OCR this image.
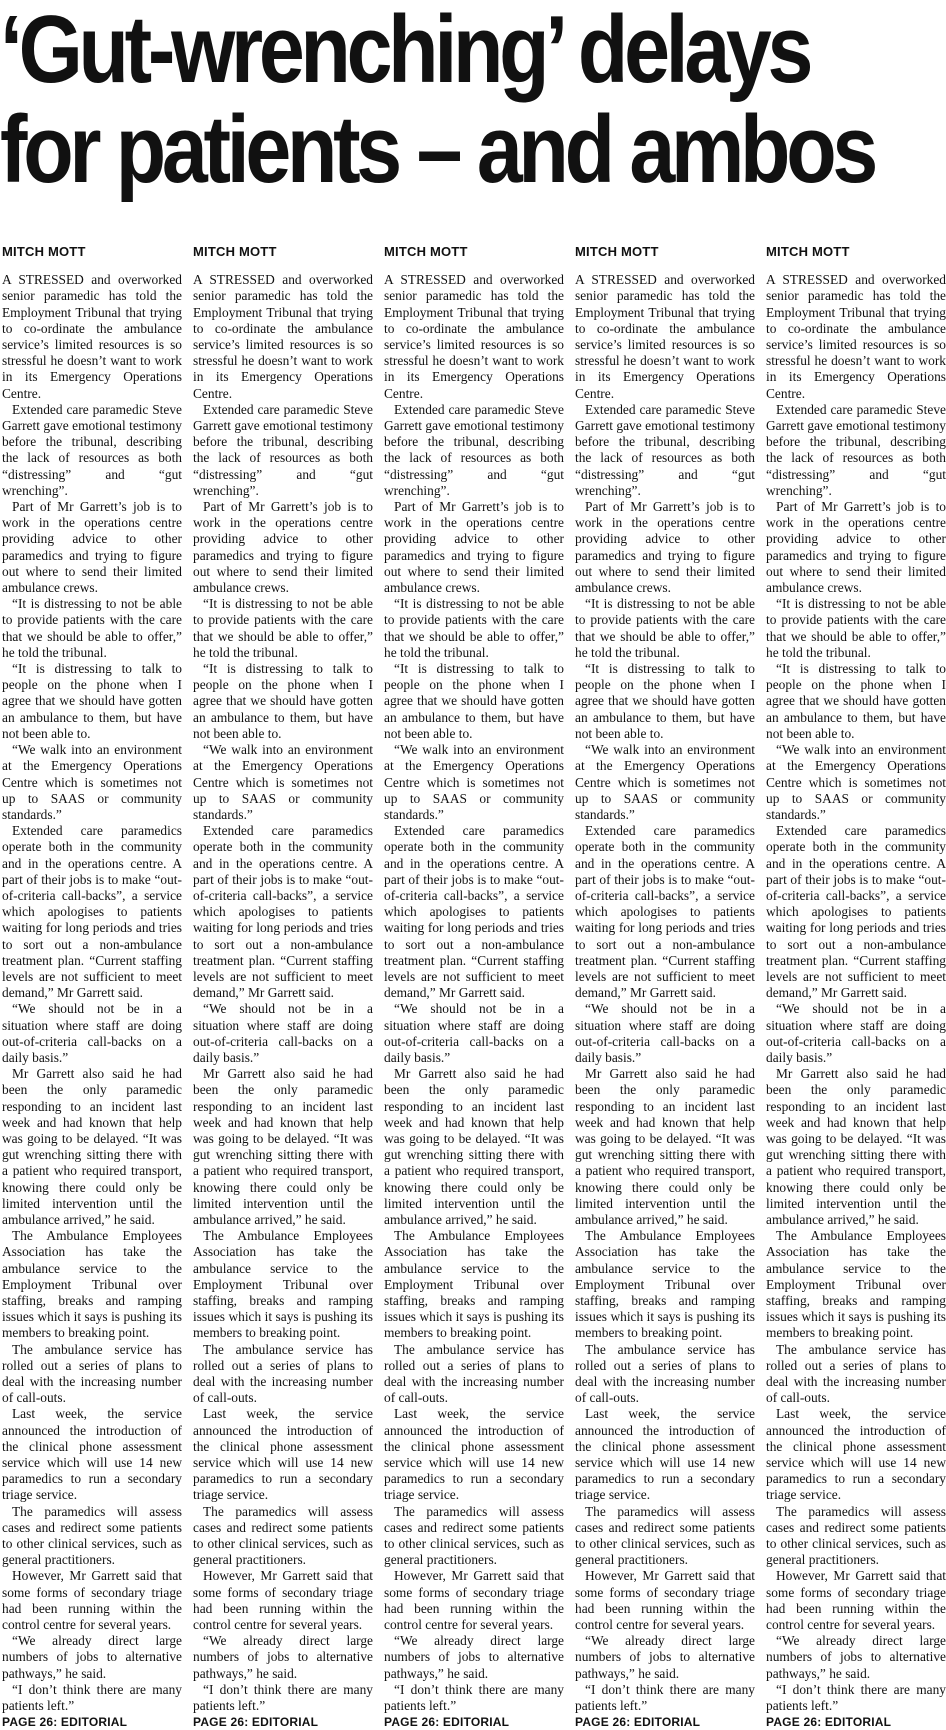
‘Gut-wrenching’ delays
for patients – and ambos
MITCH MOTT

A STRESSED and overworked senior paramedic has told the Employment Tribunal that trying to co-ordinate the ambulance service’s limited resources is so stressful he doesn’t want to work in its Emergency Operations Centre.

Extended care paramedic Steve Garrett gave emotional testimony before the tribunal, describing the lack of resources as both “distressing” and “gut wrenching”.

Part of Mr Garrett’s job is to work in the operations centre providing advice to other paramedics and trying to figure out where to send their limited ambulance crews.

“It is distressing to not be able to provide patients with the care that we should be able to offer,” he told the tribunal.

“It is distressing to talk to people on the phone when I agree that we should have gotten an ambulance to them, but have not been able to.

“We walk into an environment at the Emergency Operations Centre which is sometimes not up to SAAS or community standards.”

Extended care paramedics operate both in the community and in the operations centre. A part of their jobs is to make “out-of-criteria call-backs”, a service which apologises to patients waiting for long periods and tries to sort out a non-ambulance treatment plan. “Current staffing levels are not sufficient to meet demand,” Mr Garrett said.

“We should not be in a situation where staff are doing out-of-criteria call-backs on a daily basis.”

Mr Garrett also said he had been the only paramedic responding to an incident last week and had known that help was going to be delayed. “It was gut wrenching sitting there with a patient who required transport, knowing there could only be limited intervention until the ambulance arrived,” he said.

The Ambulance Employees Association has take the ambulance service to the Employment Tribunal over staffing, breaks and ramping issues which it says is pushing its members to breaking point.

The ambulance service has rolled out a series of plans to deal with the increasing number of call-outs.

Last week, the service announced the introduction of the clinical phone assessment service which will use 14 new paramedics to run a secondary triage service.

The paramedics will assess cases and redirect some patients to other clinical services, such as general practitioners.

However, Mr Garrett said that some forms of secondary triage had been running within the control centre for several years.

“We already direct large numbers of jobs to alternative pathways,” he said.

“I don’t think there are many patients left.”

PAGE 26: EDITORIAL
MITCH MOTT

A STRESSED and overworked senior paramedic has told the Employment Tribunal that trying to co-ordinate the ambulance service’s limited resources is so stressful he doesn’t want to work in its Emergency Operations Centre.

Extended care paramedic Steve Garrett gave emotional testimony before the tribunal, describing the lack of resources as both “distressing” and “gut wrenching”.

Part of Mr Garrett’s job is to work in the operations centre providing advice to other paramedics and trying to figure out where to send their limited ambulance crews.

“It is distressing to not be able to provide patients with the care that we should be able to offer,” he told the tribunal.

“It is distressing to talk to people on the phone when I agree that we should have gotten an ambulance to them, but have not been able to.

“We walk into an environment at the Emergency Operations Centre which is sometimes not up to SAAS or community standards.”

Extended care paramedics operate both in the community and in the operations centre. A part of their jobs is to make “out-of-criteria call-backs”, a service which apologises to patients waiting for long periods and tries to sort out a non-ambulance treatment plan. “Current staffing levels are not sufficient to meet demand,” Mr Garrett said.

“We should not be in a situation where staff are doing out-of-criteria call-backs on a daily basis.”

Mr Garrett also said he had been the only paramedic responding to an incident last week and had known that help was going to be delayed. “It was gut wrenching sitting there with a patient who required transport, knowing there could only be limited intervention until the ambulance arrived,” he said.

The Ambulance Employees Association has take the ambulance service to the Employment Tribunal over staffing, breaks and ramping issues which it says is pushing its members to breaking point.

The ambulance service has rolled out a series of plans to deal with the increasing number of call-outs.

Last week, the service announced the introduction of the clinical phone assessment service which will use 14 new paramedics to run a secondary triage service.

The paramedics will assess cases and redirect some patients to other clinical services, such as general practitioners.

However, Mr Garrett said that some forms of secondary triage had been running within the control centre for several years.

“We already direct large numbers of jobs to alternative pathways,” he said.

“I don’t think there are many patients left.”

PAGE 26: EDITORIAL
MITCH MOTT

A STRESSED and overworked senior paramedic has told the Employment Tribunal that trying to co-ordinate the ambulance service’s limited resources is so stressful he doesn’t want to work in its Emergency Operations Centre.

Extended care paramedic Steve Garrett gave emotional testimony before the tribunal, describing the lack of resources as both “distressing” and “gut wrenching”.

Part of Mr Garrett’s job is to work in the operations centre providing advice to other paramedics and trying to figure out where to send their limited ambulance crews.

“It is distressing to not be able to provide patients with the care that we should be able to offer,” he told the tribunal.

“It is distressing to talk to people on the phone when I agree that we should have gotten an ambulance to them, but have not been able to.

“We walk into an environment at the Emergency Operations Centre which is sometimes not up to SAAS or community standards.”

Extended care paramedics operate both in the community and in the operations centre. A part of their jobs is to make “out-of-criteria call-backs”, a service which apologises to patients waiting for long periods and tries to sort out a non-ambulance treatment plan. “Current staffing levels are not sufficient to meet demand,” Mr Garrett said.

“We should not be in a situation where staff are doing out-of-criteria call-backs on a daily basis.”

Mr Garrett also said he had been the only paramedic responding to an incident last week and had known that help was going to be delayed. “It was gut wrenching sitting there with a patient who required transport, knowing there could only be limited intervention until the ambulance arrived,” he said.

The Ambulance Employees Association has take the ambulance service to the Employment Tribunal over staffing, breaks and ramping issues which it says is pushing its members to breaking point.

The ambulance service has rolled out a series of plans to deal with the increasing number of call-outs.

Last week, the service announced the introduction of the clinical phone assessment service which will use 14 new paramedics to run a secondary triage service.

The paramedics will assess cases and redirect some patients to other clinical services, such as general practitioners.

However, Mr Garrett said that some forms of secondary triage had been running within the control centre for several years.

“We already direct large numbers of jobs to alternative pathways,” he said.

“I don’t think there are many patients left.”

PAGE 26: EDITORIAL
MITCH MOTT

A STRESSED and overworked senior paramedic has told the Employment Tribunal that trying to co-ordinate the ambulance service’s limited resources is so stressful he doesn’t want to work in its Emergency Operations Centre.

Extended care paramedic Steve Garrett gave emotional testimony before the tribunal, describing the lack of resources as both “distressing” and “gut wrenching”.

Part of Mr Garrett’s job is to work in the operations centre providing advice to other paramedics and trying to figure out where to send their limited ambulance crews.

“It is distressing to not be able to provide patients with the care that we should be able to offer,” he told the tribunal.

“It is distressing to talk to people on the phone when I agree that we should have gotten an ambulance to them, but have not been able to.

“We walk into an environment at the Emergency Operations Centre which is sometimes not up to SAAS or community standards.”

Extended care paramedics operate both in the community and in the operations centre. A part of their jobs is to make “out-of-criteria call-backs”, a service which apologises to patients waiting for long periods and tries to sort out a non-ambulance treatment plan. “Current staffing levels are not sufficient to meet demand,” Mr Garrett said.

“We should not be in a situation where staff are doing out-of-criteria call-backs on a daily basis.”

Mr Garrett also said he had been the only paramedic responding to an incident last week and had known that help was going to be delayed. “It was gut wrenching sitting there with a patient who required transport, knowing there could only be limited intervention until the ambulance arrived,” he said.

The Ambulance Employees Association has take the ambulance service to the Employment Tribunal over staffing, breaks and ramping issues which it says is pushing its members to breaking point.

The ambulance service has rolled out a series of plans to deal with the increasing number of call-outs.

Last week, the service announced the introduction of the clinical phone assessment service which will use 14 new paramedics to run a secondary triage service.

The paramedics will assess cases and redirect some patients to other clinical services, such as general practitioners.

However, Mr Garrett said that some forms of secondary triage had been running within the control centre for several years.

“We already direct large numbers of jobs to alternative pathways,” he said.

“I don’t think there are many patients left.”

PAGE 26: EDITORIAL
MITCH MOTT

A STRESSED and overworked senior paramedic has told the Employment Tribunal that trying to co-ordinate the ambulance service’s limited resources is so stressful he doesn’t want to work in its Emergency Operations Centre.

Extended care paramedic Steve Garrett gave emotional testimony before the tribunal, describing the lack of resources as both “distressing” and “gut wrenching”.

Part of Mr Garrett’s job is to work in the operations centre providing advice to other paramedics and trying to figure out where to send their limited ambulance crews.

“It is distressing to not be able to provide patients with the care that we should be able to offer,” he told the tribunal.

“It is distressing to talk to people on the phone when I agree that we should have gotten an ambulance to them, but have not been able to.

“We walk into an environment at the Emergency Operations Centre which is sometimes not up to SAAS or community standards.”

Extended care paramedics operate both in the community and in the operations centre. A part of their jobs is to make “out-of-criteria call-backs”, a service which apologises to patients waiting for long periods and tries to sort out a non-ambulance treatment plan. “Current staffing levels are not sufficient to meet demand,” Mr Garrett said.

“We should not be in a situation where staff are doing out-of-criteria call-backs on a daily basis.”

Mr Garrett also said he had been the only paramedic responding to an incident last week and had known that help was going to be delayed. “It was gut wrenching sitting there with a patient who required transport, knowing there could only be limited intervention until the ambulance arrived,” he said.

The Ambulance Employees Association has take the ambulance service to the Employment Tribunal over staffing, breaks and ramping issues which it says is pushing its members to breaking point.

The ambulance service has rolled out a series of plans to deal with the increasing number of call-outs.

Last week, the service announced the introduction of the clinical phone assessment service which will use 14 new paramedics to run a secondary triage service.

The paramedics will assess cases and redirect some patients to other clinical services, such as general practitioners.

However, Mr Garrett said that some forms of secondary triage had been running within the control centre for several years.

“We already direct large numbers of jobs to alternative pathways,” he said.

“I don’t think there are many patients left.”

PAGE 26: EDITORIAL
